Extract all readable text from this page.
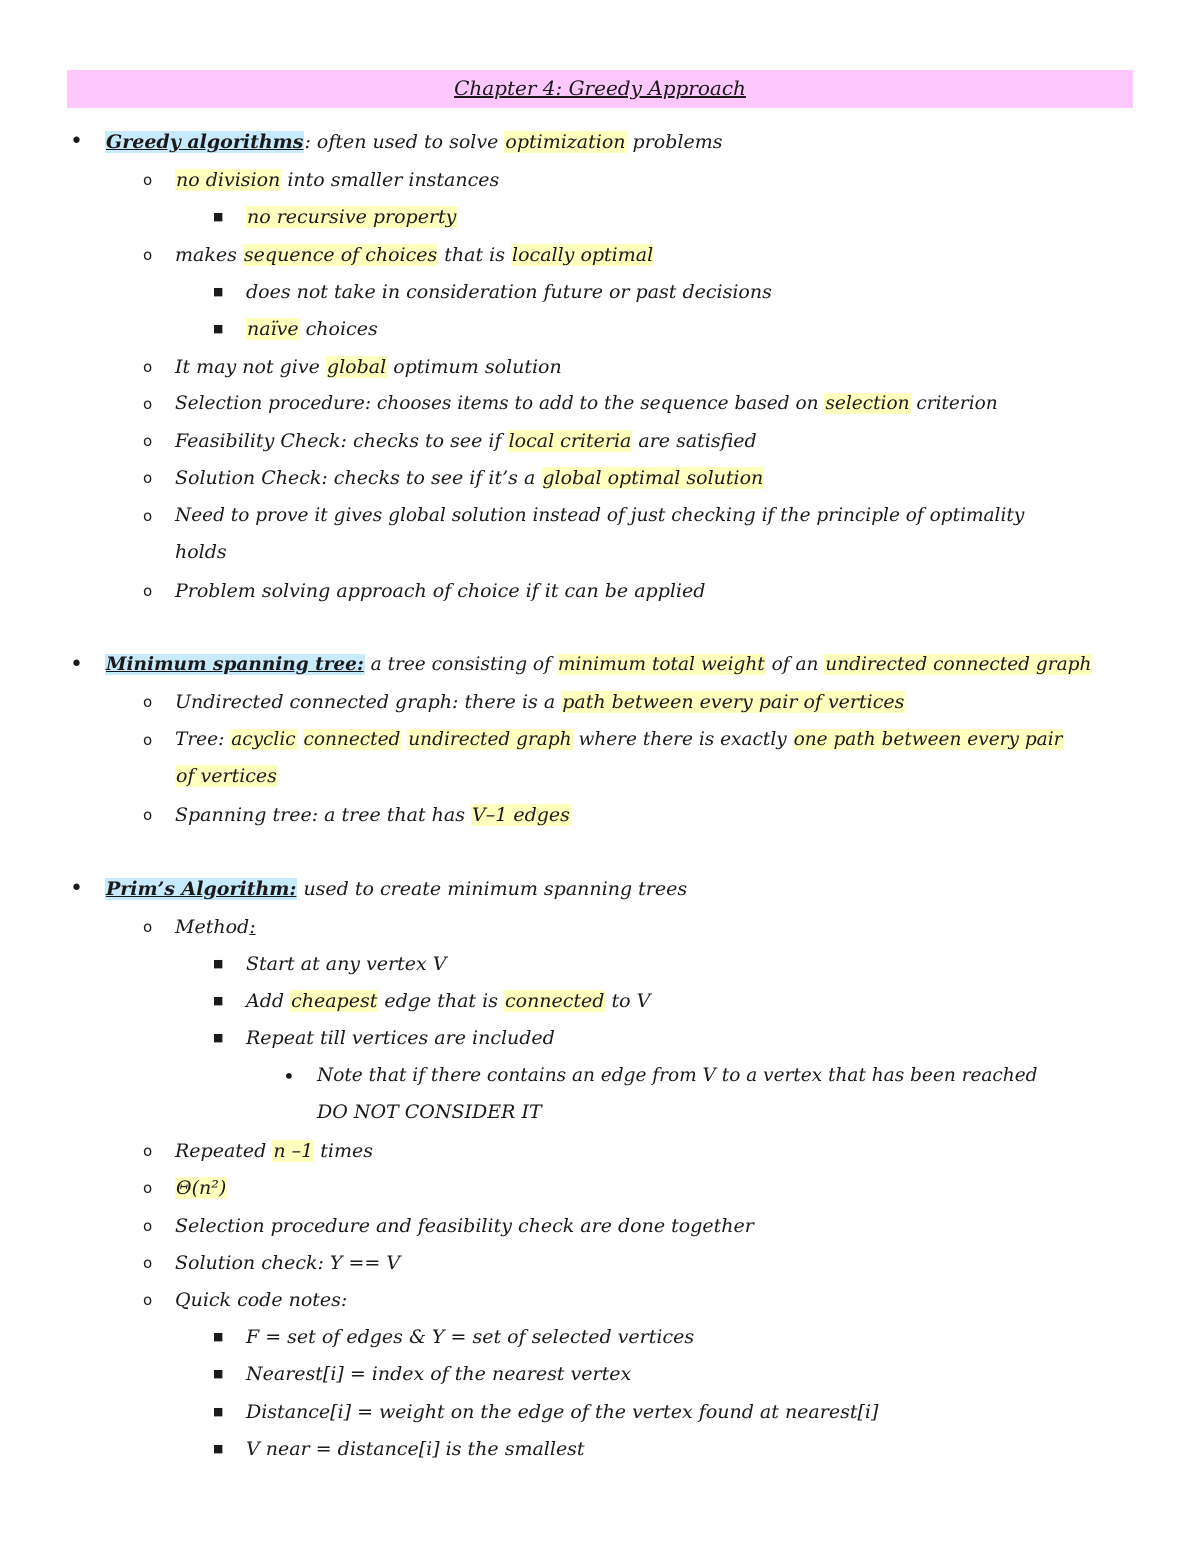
Chapter 4: Greedy Approach
• Greedy algorithms: often used to solve optimization problems
o no division into smaller instances
■ no recursive property
o makes sequence of choices that is locally optimal
■ does not take in consideration future or past decisions
■ naïve choices
o It may not give global optimum solution
o Selection procedure: chooses items to add to the sequence based on selection criterion
o Feasibility Check: checks to see if local criteria are satisfied
o Solution Check: checks to see if it’s a global optimal solution
o Need to prove it gives global solution instead of just checking if the principle of optimality
holds
o Problem solving approach of choice if it can be applied
• Minimum spanning tree: a tree consisting of minimum total weight of an undirected connected graph
o Undirected connected graph: there is a path between every pair of vertices
o Tree: acyclic connected undirected graph where there is exactly one path between every pair
of vertices
o Spanning tree: a tree that has V–1 edges
• Prim’s Algorithm: used to create minimum spanning trees
o Method:
■ Start at any vertex V
■ Add cheapest edge that is connected to V
■ Repeat till vertices are included
• Note that if there contains an edge from V to a vertex that has been reached
DO NOT CONSIDER IT
o Repeated n –1 times
o Θ(n²)
o Selection procedure and feasibility check are done together
o Solution check: Y == V
o Quick code notes:
■ F = set of edges & Y = set of selected vertices
■ Nearest[i] = index of the nearest vertex
■ Distance[i] = weight on the edge of the vertex found at nearest[i]
■ V near = distance[i] is the smallest
